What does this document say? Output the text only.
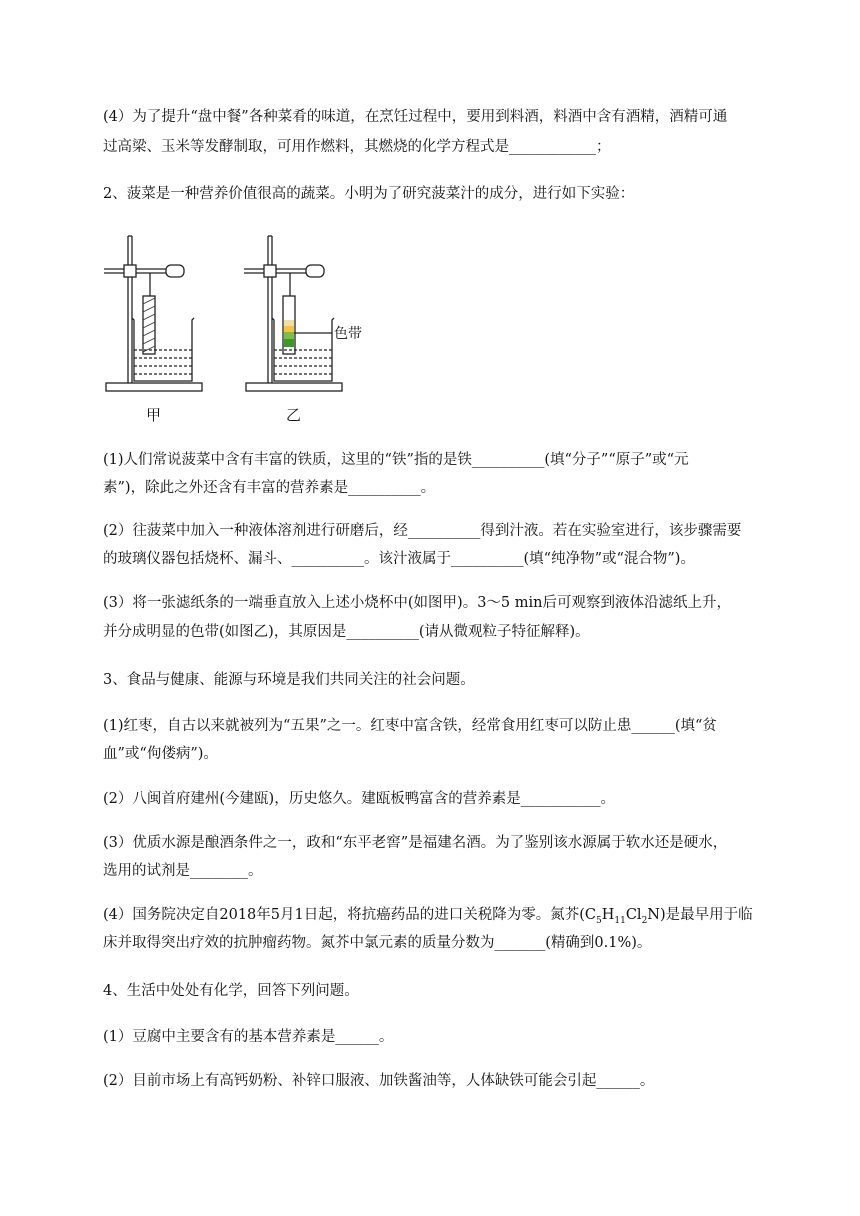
(4）为了提升“盘中餐”各种菜肴的味道，在烹饪过程中，要用到料酒，料酒中含有酒精，酒精可通
过高梁、玉米等发酵制取，可用作燃料，其燃烧的化学方程式是____________；
2、菠菜是一种营养价值很高的蔬菜。小明为了研究菠菜汁的成分，进行如下实验：
色带
甲	乙
(1)人们常说菠菜中含有丰富的铁质，这里的“铁”指的是铁__________(填“分子”“原子”或“元
素”)，除此之外还含有丰富的营养素是__________。
(2）往菠菜中加入一种液体溶剂进行研磨后，经__________得到汁液。若在实验室进行，该步骤需要
的玻璃仪器包括烧杯、漏斗、__________。该汁液属于__________(填“纯净物”或“混合物”)。
(3）将一张滤纸条的一端垂直放入上述小烧杯中(如图甲)。3～5 min后可观察到液体沿滤纸上升，
并分成明显的色带(如图乙)，其原因是__________(请从微观粒子特征解释)。
3、食品与健康、能源与环境是我们共同关注的社会问题。
(1)红枣，自古以来就被列为“五果”之一。红枣中富含铁，经常食用红枣可以防止患______(填“贫
血”或“佝偻病”)。
(2）八闽首府建州(今建瓯)，历史悠久。建瓯板鸭富含的营养素是___________。
(3）优质水源是酿酒条件之一，政和“东平老窖”是福建名酒。为了鉴别该水源属于软水还是硬水，
选用的试剂是________。
(4）国务院决定自2018年5月1日起，将抗癌药品的进口关税降为零。氮芥$(C_5H_{11}Cl_2N)$是最早用于临
床并取得突出疗效的抗肿瘤药物。氮芥中氯元素的质量分数为_______(精确到0.1%)。
4、生活中处处有化学，回答下列问题。
(1）豆腐中主要含有的基本营养素是______。
(2）目前市场上有高钙奶粉、补锌口服液、加铁酱油等，人体缺铁可能会引起______。
